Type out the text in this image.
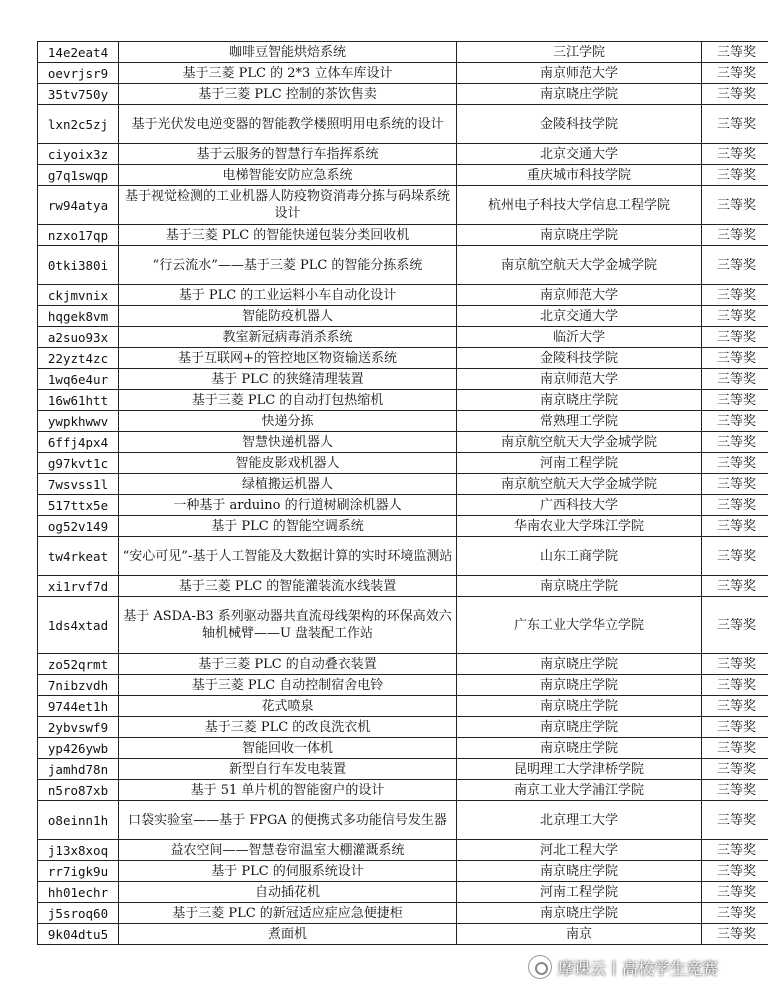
14e2eat4	咖啡豆智能烘焙系统	三江学院	三等奖
oevrjsr9	基于三菱 PLC 的 2*3 立体车库设计	南京师范大学	三等奖
35tv750y	基于三菱 PLC 控制的茶饮售卖	南京晓庄学院	三等奖
lxn2c5zj	基于光伏发电逆变器的智能教学楼照明用电系统的设计	金陵科技学院	三等奖
ciyoix3z	基于云服务的智慧行车指挥系统	北京交通大学	三等奖
g7q1swqp	电梯智能安防应急系统	重庆城市科技学院	三等奖
rw94atya	基于视觉检测的工业机器人防疫物资消毒分拣与码垛系统设计	杭州电子科技大学信息工程学院	三等奖
nzxo17qp	基于三菱 PLC 的智能快递包装分类回收机	南京晓庄学院	三等奖
0tki380i	“行云流水”——基于三菱 PLC 的智能分拣系统	南京航空航天大学金城学院	三等奖
ckjmvnix	基于 PLC 的工业运料小车自动化设计	南京师范大学	三等奖
hqgek8vm	智能防疫机器人	北京交通大学	三等奖
a2suo93x	教室新冠病毒消杀系统	临沂大学	三等奖
22yzt4zc	基于互联网+的管控地区物资输送系统	金陵科技学院	三等奖
1wq6e4ur	基于 PLC 的狭缝清理装置	南京师范大学	三等奖
16w61htt	基于三菱 PLC 的自动打包热缩机	南京晓庄学院	三等奖
ywpkhwwv	快递分拣	常熟理工学院	三等奖
6ffj4px4	智慧快递机器人	南京航空航天大学金城学院	三等奖
g97kvt1c	智能皮影戏机器人	河南工程学院	三等奖
7wsvss1l	绿植搬运机器人	南京航空航天大学金城学院	三等奖
517ttx5e	一种基于 arduino 的行道树刷涂机器人	广西科技大学	三等奖
og52v149	基于 PLC 的智能空调系统	华南农业大学珠江学院	三等奖
tw4rkeat	“安心可见”-基于人工智能及大数据计算的实时环境监测站	山东工商学院	三等奖
xi1rvf7d	基于三菱 PLC 的智能灌装流水线装置	南京晓庄学院	三等奖
1ds4xtad	基于 ASDA-B3 系列驱动器共直流母线架构的环保高效六轴机械臂——U 盘装配工作站	广东工业大学华立学院	三等奖
zo52qrmt	基于三菱 PLC 的自动叠衣装置	南京晓庄学院	三等奖
7nibzvdh	基于三菱 PLC 自动控制宿舍电铃	南京晓庄学院	三等奖
9744et1h	花式喷泉	南京晓庄学院	三等奖
2ybvswf9	基于三菱 PLC 的改良洗衣机	南京晓庄学院	三等奖
yp426ywb	智能回收一体机	南京晓庄学院	三等奖
jamhd78n	新型自行车发电装置	昆明理工大学津桥学院	三等奖
n5ro87xb	基于 51 单片机的智能窗户的设计	南京工业大学浦江学院	三等奖
o8einn1h	口袋实验室——基于 FPGA 的便携式多功能信号发生器	北京理工大学	三等奖
j13x8xoq	益农空间——智慧卷帘温室大棚灌溉系统	河北工程大学	三等奖
rr7igk9u	基于 PLC 的伺服系统设计	南京晓庄学院	三等奖
hh01echr	自动插花机	河南工程学院	三等奖
j5sroq60	基于三菱 PLC 的新冠适应症应急便捷柜	南京晓庄学院	三等奖
9k04dtu5	煮面机	南京	三等奖
摩课云丨高校学生竞赛
